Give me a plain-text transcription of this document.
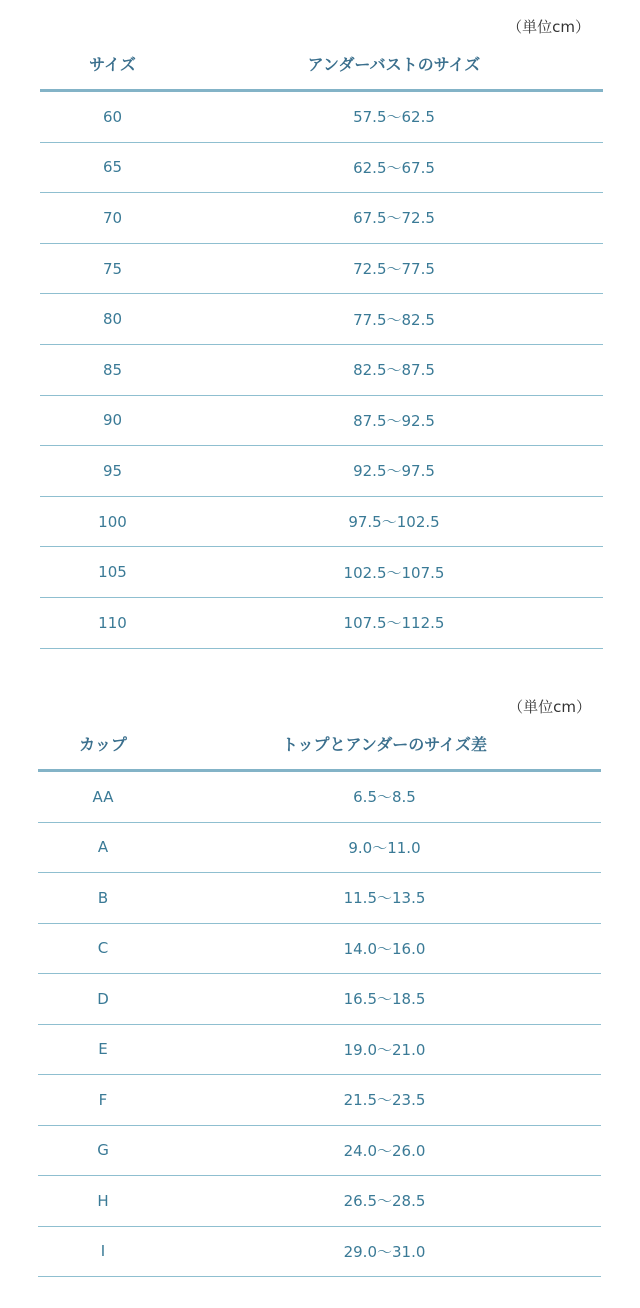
（単位cm）
サイズ	アンダーバストのサイズ
60	57.5〜62.5
65	62.5〜67.5
70	67.5〜72.5
75	72.5〜77.5
80	77.5〜82.5
85	82.5〜87.5
90	87.5〜92.5
95	92.5〜97.5
100	97.5〜102.5
105	102.5〜107.5
110	107.5〜112.5
（単位cm）
カップ	トップとアンダーのサイズ差
AA	6.5〜8.5
A	9.0〜11.0
B	11.5〜13.5
C	14.0〜16.0
D	16.5〜18.5
E	19.0〜21.0
F	21.5〜23.5
G	24.0〜26.0
H	26.5〜28.5
I	29.0〜31.0
